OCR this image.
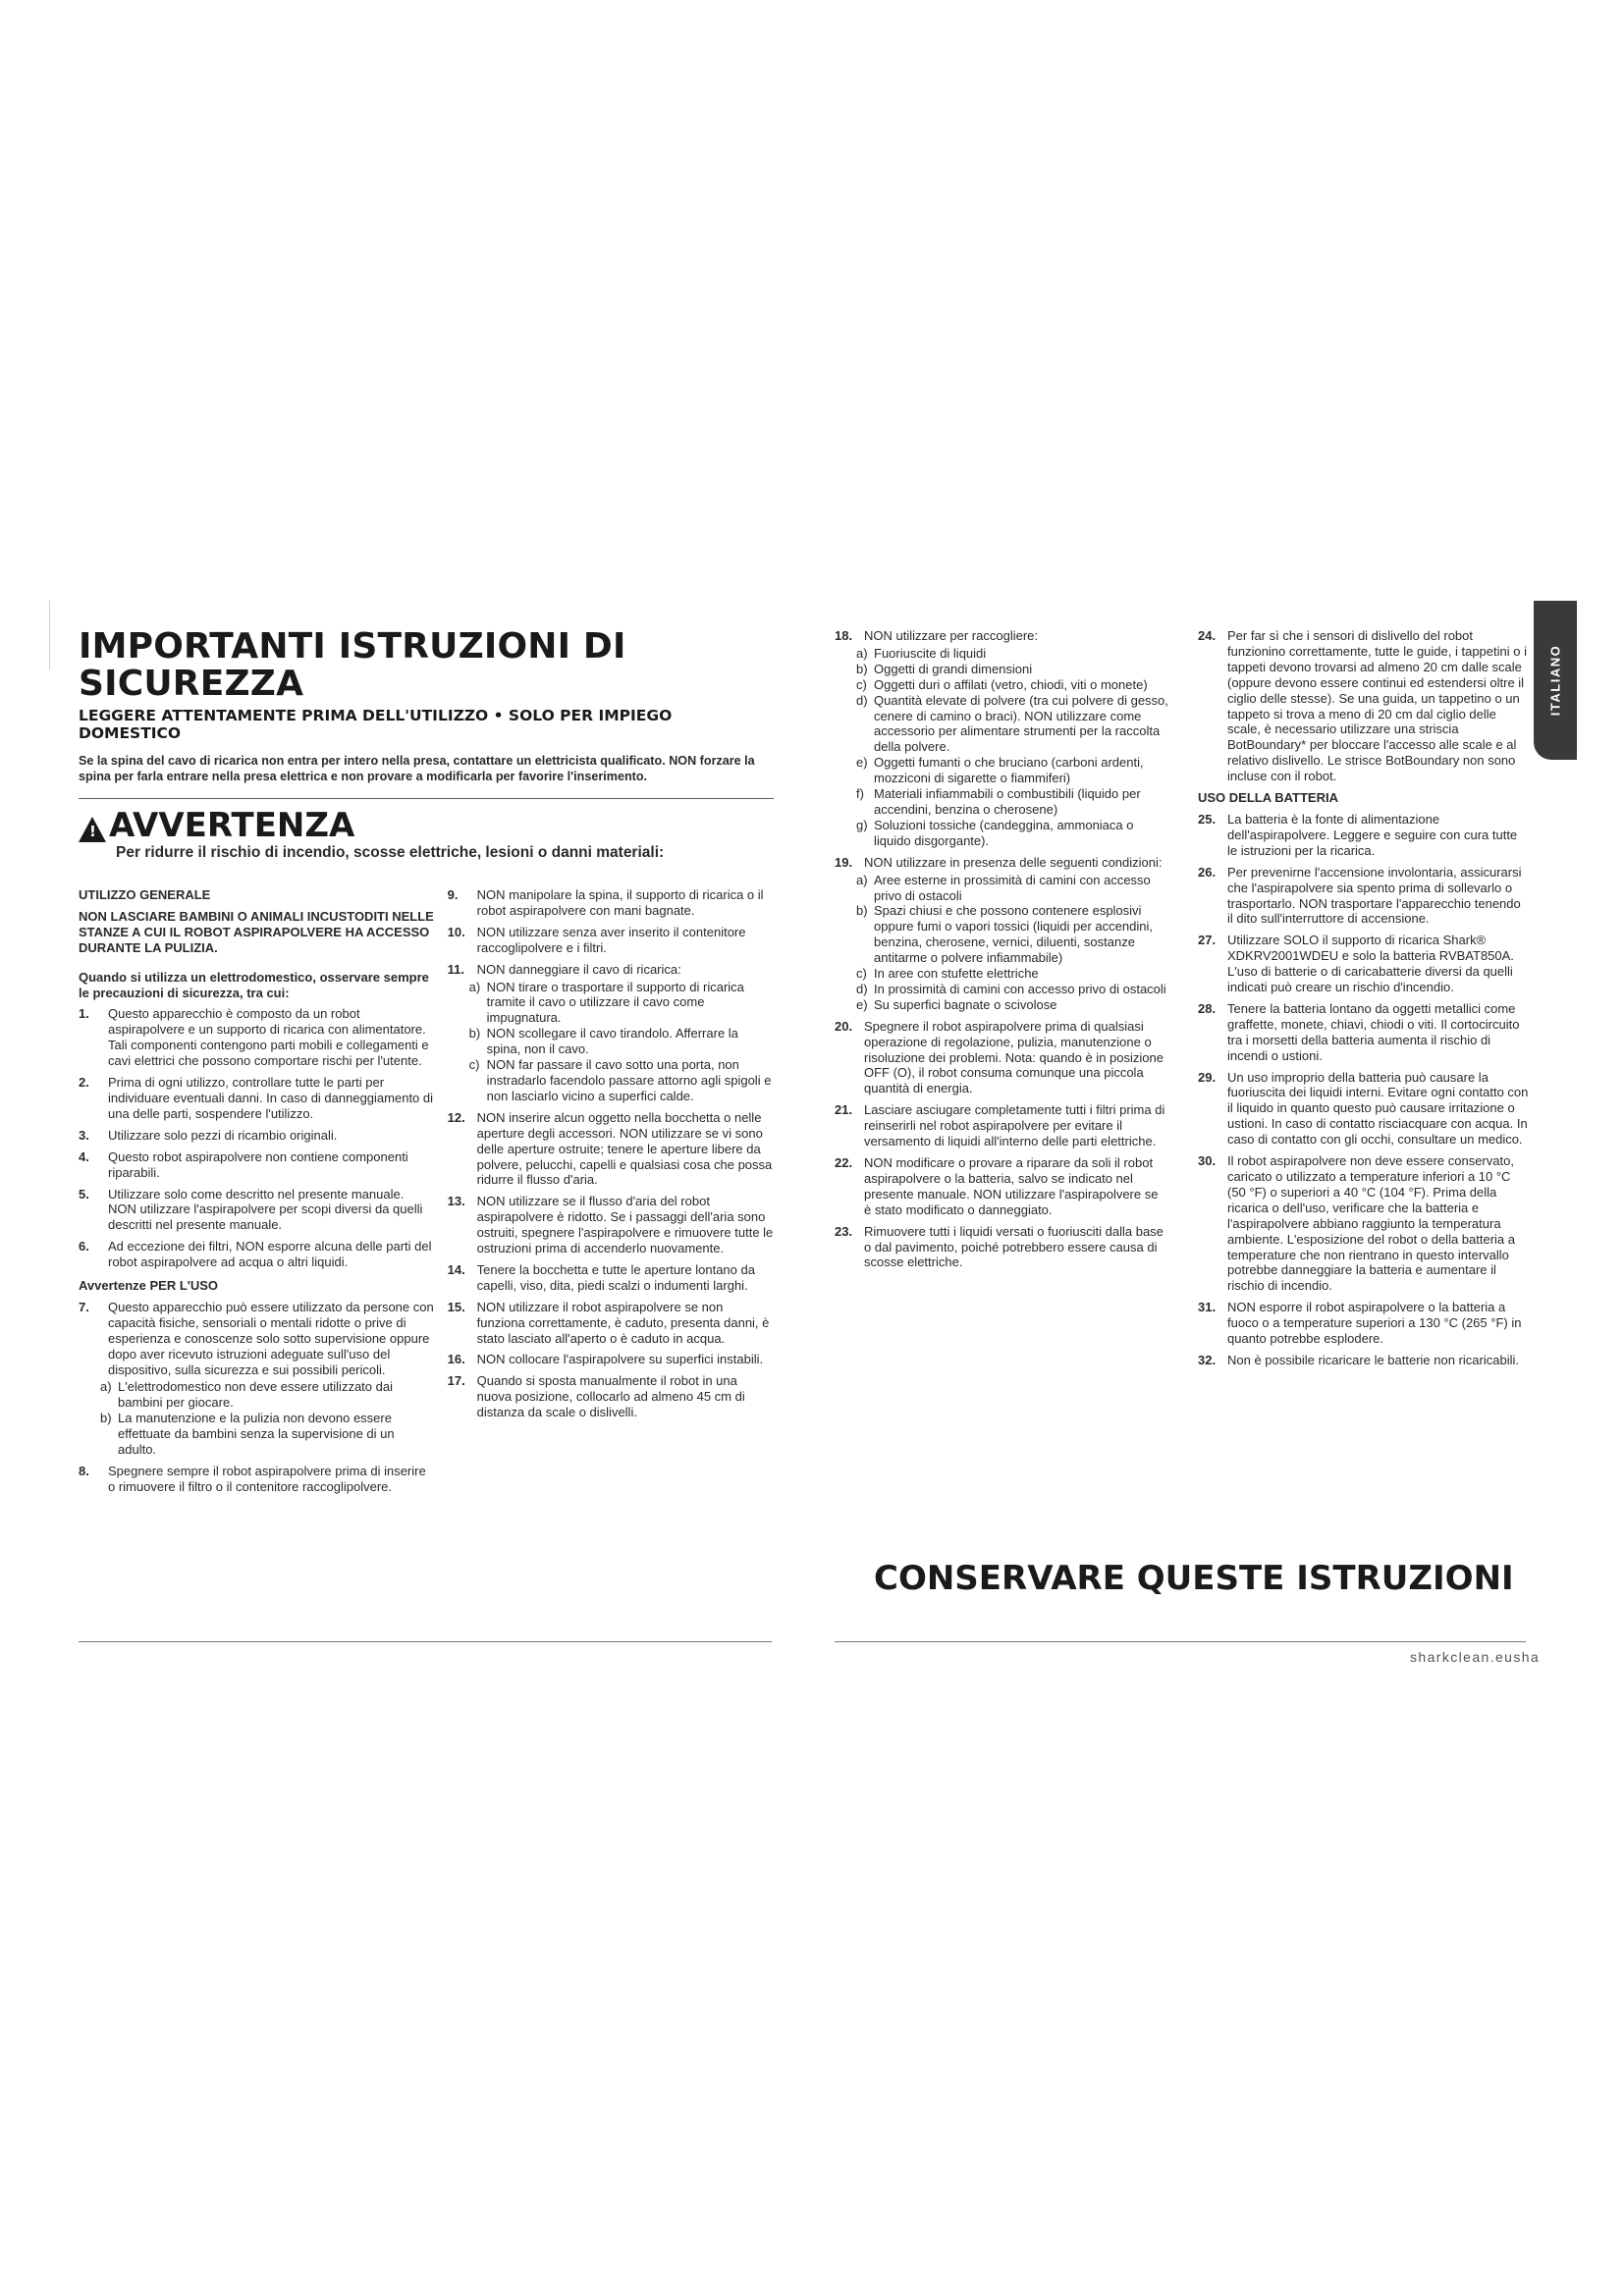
IMPORTANTI ISTRUZIONI DI SICUREZZA
LEGGERE ATTENTAMENTE PRIMA DELL'UTILIZZO • SOLO PER IMPIEGO DOMESTICO
Se la spina del cavo di ricarica non entra per intero nella presa, contattare un elettricista qualificato. NON forzare la spina per farla entrare nella presa elettrica e non provare a modificarla per favorire l'inserimento.
! AVVERTENZA
Per ridurre il rischio di incendio, scosse elettriche, lesioni o danni materiali:
UTILIZZO GENERALE
NON LASCIARE BAMBINI O ANIMALI INCUSTODITI NELLE STANZE A CUI IL ROBOT ASPIRAPOLVERE HA ACCESSO DURANTE LA PULIZIA.
Quando si utilizza un elettrodomestico, osservare sempre le precauzioni di sicurezza, tra cui:
1.	Questo apparecchio è composto da un robot aspirapolvere e un supporto di ricarica con alimentatore. Tali componenti contengono parti mobili e collegamenti e cavi elettrici che possono comportare rischi per l'utente.
2.	Prima di ogni utilizzo, controllare tutte le parti per individuare eventuali danni. In caso di danneggiamento di una delle parti, sospendere l'utilizzo.
3.	Utilizzare solo pezzi di ricambio originali.
4.	Questo robot aspirapolvere non contiene componenti riparabili.
5.	Utilizzare solo come descritto nel presente manuale. NON utilizzare l'aspirapolvere per scopi diversi da quelli descritti nel presente manuale.
6.	Ad eccezione dei filtri, NON esporre alcuna delle parti del robot aspirapolvere ad acqua o altri liquidi.
Avvertenze PER L'USO
7.	Questo apparecchio può essere utilizzato da persone con capacità fisiche, sensoriali o mentali ridotte o prive di esperienza e conoscenze solo sotto supervisione oppure dopo aver ricevuto istruzioni adeguate sull'uso del dispositivo, sulla sicurezza e sui possibili pericoli.
a) L'elettrodomestico non deve essere utilizzato dai bambini per giocare.
b) La manutenzione e la pulizia non devono essere effettuate da bambini senza la supervisione di un adulto.
8.	Spegnere sempre il robot aspirapolvere prima di inserire o rimuovere il filtro o il contenitore raccoglipolvere.
9.	NON manipolare la spina, il supporto di ricarica o il robot aspirapolvere con mani bagnate.
10. NON utilizzare senza aver inserito il contenitore raccoglipolvere e i filtri.
11. NON danneggiare il cavo di ricarica:
a) NON tirare o trasportare il supporto di ricarica tramite il cavo o utilizzare il cavo come impugnatura.
b) NON scollegare il cavo tirandolo. Afferrare la spina, non il cavo.
c) NON far passare il cavo sotto una porta, non instradarlo facendolo passare attorno agli spigoli e non lasciarlo vicino a superfici calde.
12. NON inserire alcun oggetto nella bocchetta o nelle aperture degli accessori. NON utilizzare se vi sono delle aperture ostruite; tenere le aperture libere da polvere, pelucchi, capelli e qualsiasi cosa che possa ridurre il flusso d'aria.
13. NON utilizzare se il flusso d'aria del robot aspirapolvere è ridotto. Se i passaggi dell'aria sono ostruiti, spegnere l'aspirapolvere e rimuovere tutte le ostruzioni prima di accenderlo nuovamente.
14. Tenere la bocchetta e tutte le aperture lontano da capelli, viso, dita, piedi scalzi o indumenti larghi.
15. NON utilizzare il robot aspirapolvere se non funziona correttamente, è caduto, presenta danni, è stato lasciato all'aperto o è caduto in acqua.
16. NON collocare l'aspirapolvere su superfici instabili.
17. Quando si sposta manualmente il robot in una nuova posizione, collocarlo ad almeno 45 cm di distanza da scale o dislivelli.
18. NON utilizzare per raccogliere:
a) Fuoriuscite di liquidi
b) Oggetti di grandi dimensioni
c) Oggetti duri o affilati (vetro, chiodi, viti o monete)
d) Quantità elevate di polvere (tra cui polvere di gesso, cenere di camino o braci). NON utilizzare come accessorio per alimentare strumenti per la raccolta della polvere.
e) Oggetti fumanti o che bruciano (carboni ardenti, mozziconi di sigarette o fiammiferi)
f) Materiali infiammabili o combustibili (liquido per accendini, benzina o cherosene)
g) Soluzioni tossiche (candeggina, ammoniaca o liquido disgorgante).
19. NON utilizzare in presenza delle seguenti condizioni:
a) Aree esterne in prossimità di camini con accesso privo di ostacoli
b) Spazi chiusi e che possono contenere esplosivi oppure fumi o vapori tossici (liquidi per accendini, benzina, cherosene, vernici, diluenti, sostanze antitarme o polvere infiammabile)
c) In aree con stufette elettriche
d) In prossimità di camini con accesso privo di ostacoli
e) Su superfici bagnate o scivolose
20. Spegnere il robot aspirapolvere prima di qualsiasi operazione di regolazione, pulizia, manutenzione o risoluzione dei problemi. Nota: quando è in posizione OFF (O), il robot consuma comunque una piccola quantità di energia.
21. Lasciare asciugare completamente tutti i filtri prima di reinserirli nel robot aspirapolvere per evitare il versamento di liquidi all'interno delle parti elettriche.
22. NON modificare o provare a riparare da soli il robot aspirapolvere o la batteria, salvo se indicato nel presente manuale. NON utilizzare l'aspirapolvere se è stato modificato o danneggiato.
23. Rimuovere tutti i liquidi versati o fuoriusciti dalla base o dal pavimento, poiché potrebbero essere causa di scosse elettriche.
24. Per far sì che i sensori di dislivello del robot funzionino correttamente, tutte le guide, i tappetini o i tappeti devono trovarsi ad almeno 20 cm dalle scale (oppure devono essere continui ed estendersi oltre il ciglio delle stesse). Se una guida, un tappetino o un tappeto si trova a meno di 20 cm dal ciglio delle scale, è necessario utilizzare una striscia BotBoundary* per bloccare l'accesso alle scale e al relativo dislivello. Le strisce BotBoundary non sono incluse con il robot.
USO DELLA BATTERIA
25. La batteria è la fonte di alimentazione dell'aspirapolvere. Leggere e seguire con cura tutte le istruzioni per la ricarica.
26. Per prevenirne l'accensione involontaria, assicurarsi che l'aspirapolvere sia spento prima di sollevarlo o trasportarlo. NON trasportare l'apparecchio tenendo il dito sull'interruttore di accensione.
27. Utilizzare SOLO il supporto di ricarica Shark® XDKRV2001WDEU e solo la batteria RVBAT850A. L'uso di batterie o di caricabatterie diversi da quelli indicati può creare un rischio d'incendio.
28. Tenere la batteria lontano da oggetti metallici come graffette, monete, chiavi, chiodi o viti. Il cortocircuito tra i morsetti della batteria aumenta il rischio di incendi o ustioni.
29. Un uso improprio della batteria può causare la fuoriuscita dei liquidi interni. Evitare ogni contatto con il liquido in quanto questo può causare irritazione o ustioni. In caso di contatto risciacquare con acqua. In caso di contatto con gli occhi, consultare un medico.
30. Il robot aspirapolvere non deve essere conservato, caricato o utilizzato a temperature inferiori a 10 °C (50 °F) o superiori a 40 °C (104 °F). Prima della ricarica o dell'uso, verificare che la batteria e l'aspirapolvere abbiano raggiunto la temperatura ambiente. L'esposizione del robot o della batteria a temperature che non rientrano in questo intervallo potrebbe danneggiare la batteria e aumentare il rischio di incendio.
31. NON esporre il robot aspirapolvere o la batteria a fuoco o a temperature superiori a 130 °C (265 °F) in quanto potrebbe esplodere.
32. Non è possibile ricaricare le batterie non ricaricabili.
CONSERVARE QUESTE ISTRUZIONI
sharkclean.eusha
ITALIANO
